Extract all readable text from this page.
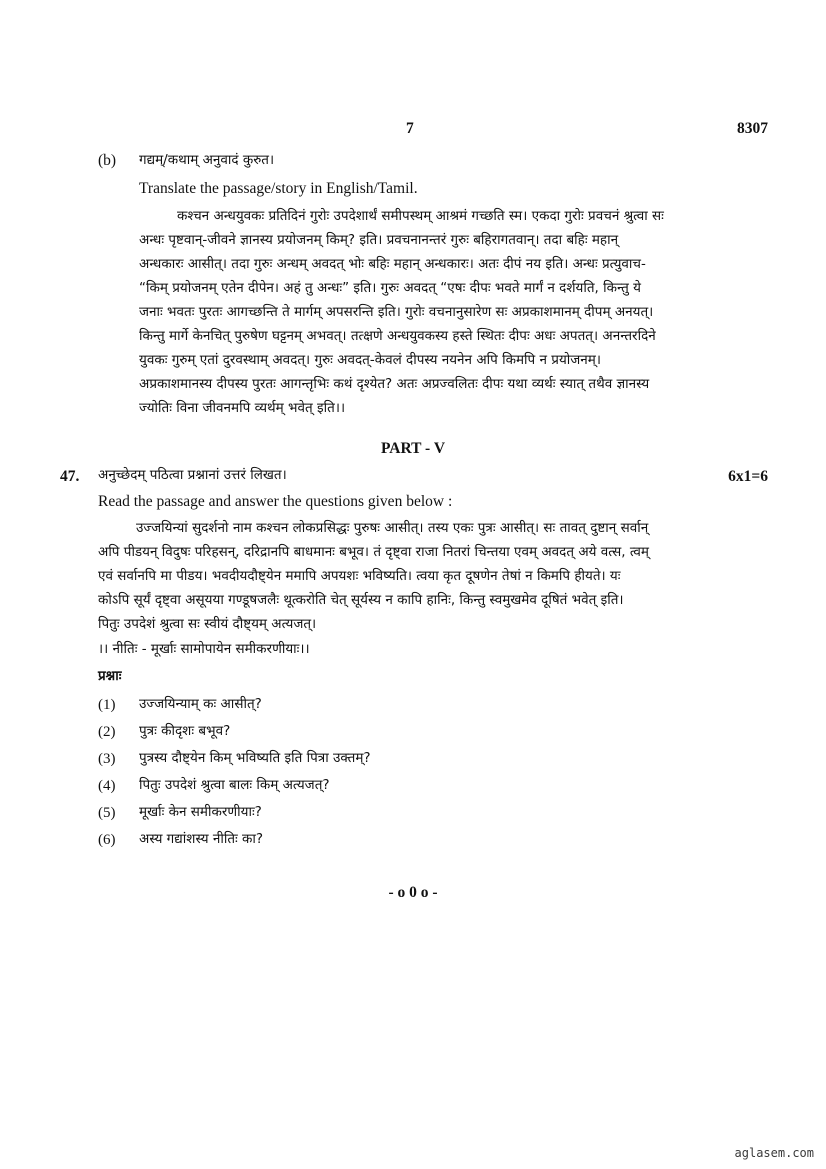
7	8307
(b) गद्यम्/कथाम् अनुवादं कुरुत।
Translate the passage/story in English/Tamil.
कश्चन अन्धयुवकः प्रतिदिनं गुरोः उपदेशार्थं समीपस्थम् आश्रमं गच्छति स्म। एकदा गुरोः प्रवचनं श्रुत्वा सः
अन्धः पृष्टवान्-जीवने ज्ञानस्य प्रयोजनम् किम्? इति। प्रवचनानन्तरं गुरुः बहिरागतवान्। तदा बहिः महान्
अन्धकारः आसीत्। तदा गुरुः अन्धम् अवदत् भोः बहिः महान् अन्धकारः। अतः दीपं नय इति। अन्धः प्रत्युवाच-
“किम् प्रयोजनम् एतेन दीपेन। अहं तु अन्धः” इति। गुरुः अवदत् “एषः दीपः भवते मार्गं न दर्शयति, किन्तु ये
जनाः भवतः पुरतः आगच्छन्ति ते मार्गम् अपसरन्ति इति। गुरोः वचनानुसारेण सः अप्रकाशमानम् दीपम् अनयत्।
किन्तु मार्गे केनचित् पुरुषेण घट्टनम् अभवत्। तत्क्षणे अन्धयुवकस्य हस्ते स्थितः दीपः अधः अपतत्। अनन्तरदिने
युवकः गुरुम् एतां दुरवस्थाम् अवदत्। गुरुः अवदत्-केवलं दीपस्य नयनेन अपि किमपि न प्रयोजनम्।
अप्रकाशमानस्य दीपस्य पुरतः आगन्तृभिः कथं दृश्येत? अतः अप्रज्वलितः दीपः यथा व्यर्थः स्यात् तथैव ज्ञानस्य
ज्योतिः विना जीवनमपि व्यर्थम् भवेत् इति।।
PART - V
47. अनुच्छेदम् पठित्वा प्रश्नानां उत्तरं लिखत।	6x1=6
Read the passage and answer the questions given below :
उज्जयिन्यां सुदर्शनो नाम कश्चन लोकप्रसिद्धः पुरुषः आसीत्। तस्य एकः पुत्रः आसीत्। सः तावत् दुष्टान् सर्वान्
अपि पीडयन् विदुषः परिहसन्, दरिद्रानपि बाधमानः बभूव। तं दृष्ट्वा राजा नितरां चिन्तया एवम् अवदत् अये वत्स, त्वम्
एवं सर्वानपि मा पीडय। भवदीयदौष्ट्येन ममापि अपयशः भविष्यति। त्वया कृत दूषणेन तेषां न किमपि हीयते। यः
कोऽपि सूर्यं दृष्ट्वा असूयया गण्डूषजलैः थूत्करोति चेत् सूर्यस्य न कापि हानिः, किन्तु स्वमुखमेव दूषितं भवेत् इति।
पितुः उपदेशं श्रुत्वा सः स्वीयं दौष्ट्यम् अत्यजत्।
।। नीतिः - मूर्खाः सामोपायेन समीकरणीयाः।।
प्रश्नाः
(1) उज्जयिन्याम् कः आसीत्?
(2) पुत्रः कीदृशः बभूव?
(3) पुत्रस्य दौष्ट्येन किम् भविष्यति इति पित्रा उक्तम्?
(4) पितुः उपदेशं श्रुत्वा बालः किम् अत्यजत्?
(5) मूर्खाः केन समीकरणीयाः?
(6) अस्य गद्यांशस्य नीतिः का?
- o 0 o -
aglasem.com
